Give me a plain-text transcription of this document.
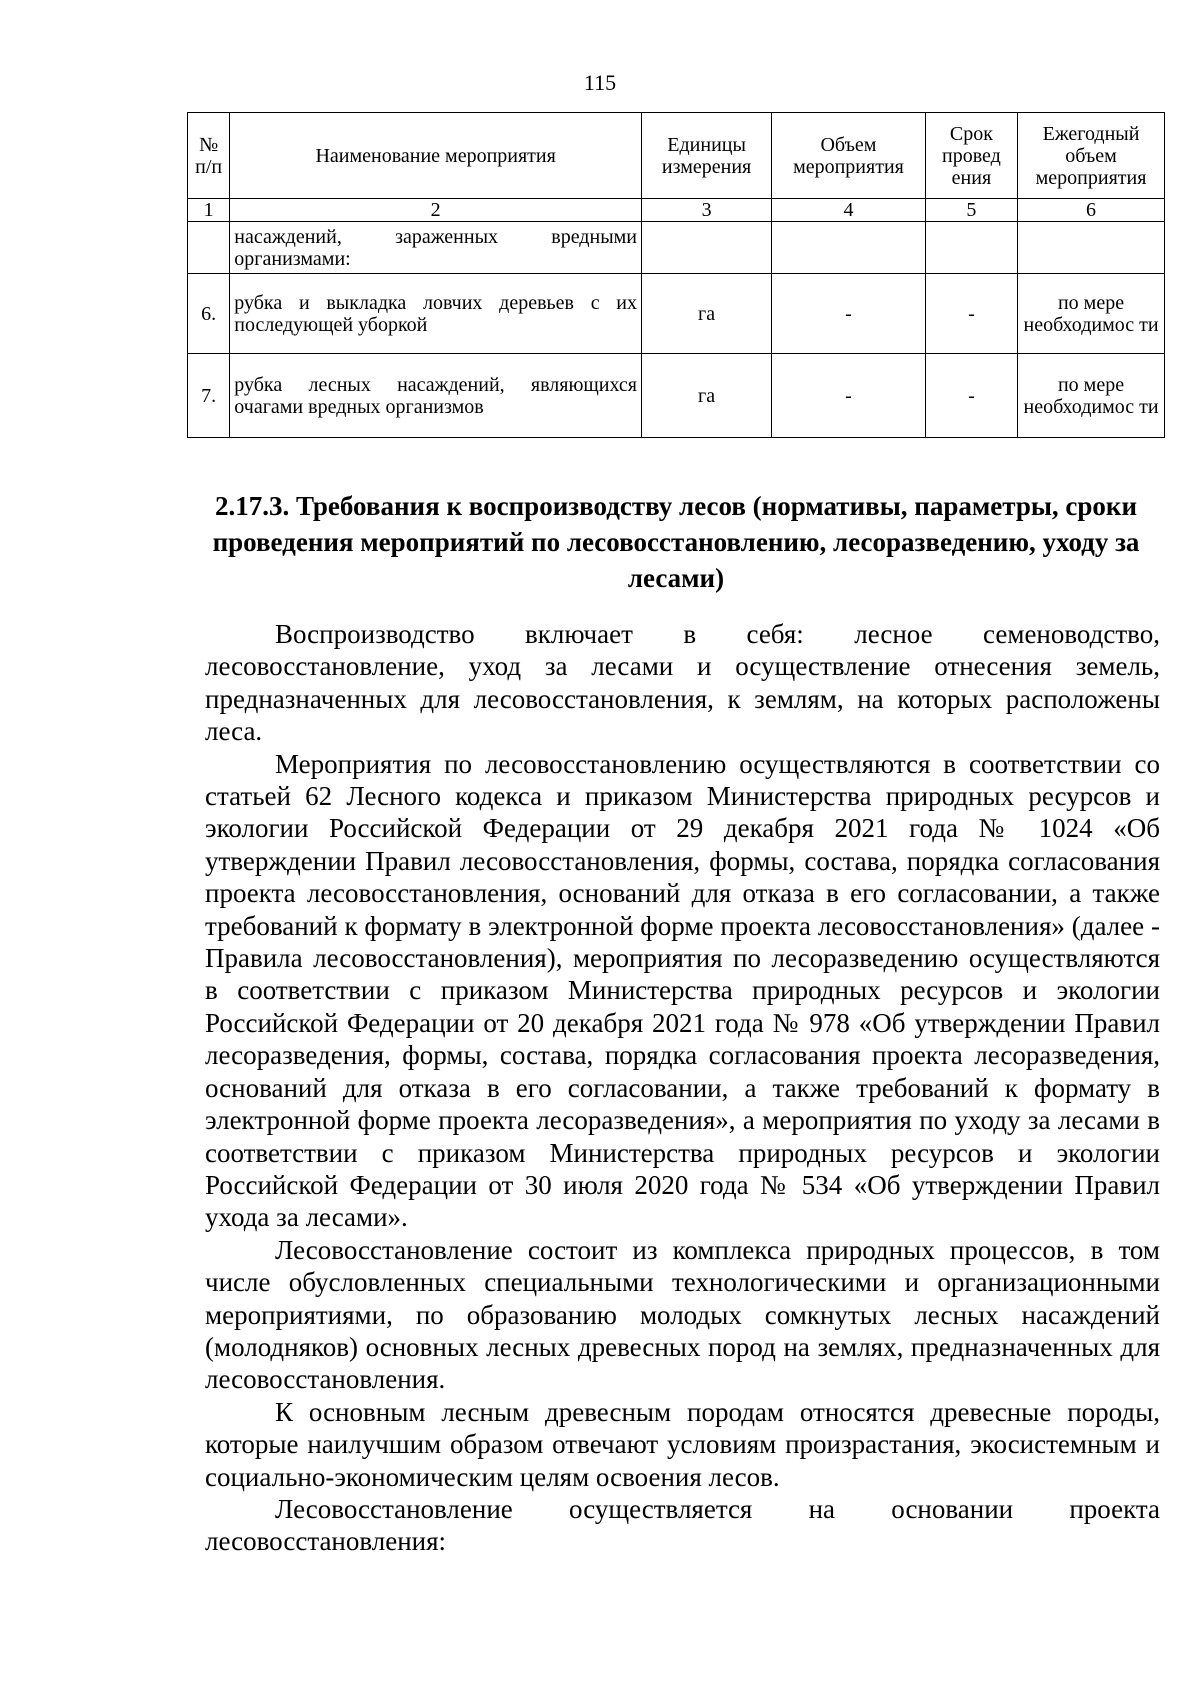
115
№ п/п	Наименование мероприятия	Единицы измерения	Объем мероприятия	Срок провед ения	Ежегодный объем мероприятия
1	2	3	4	5	6
	насаждений, зараженных вредными организмами:				
6.	рубка и выкладка ловчих деревьев с их последующей уборкой	га	-	-	по мере необходимос ти
7.	рубка лесных насаждений, являющихся очагами вредных организмов	га	-	-	по мере необходимос ти
2.17.3. Требования к воспроизводству лесов (нормативы, параметры, сроки проведения мероприятий по лесовосстановлению, лесоразведению, уходу за лесами)

Воспроизводство включает в себя: лесное семеноводство, лесовосстановление, уход за лесами и осуществление отнесения земель, предназначенных для лесовосстановления, к землям, на которых расположены леса.

Мероприятия по лесовосстановлению осуществляются в соответствии со статьей 62 Лесного кодекса и приказом Министерства природных ресурсов и экологии Российской Федерации от 29 декабря 2021 года № 1024 «Об утверждении Правил лесовосстановления, формы, состава, порядка согласования проекта лесовосстановления, оснований для отказа в его согласовании, а также требований к формату в электронной форме проекта лесовосстановления» (далее - Правила лесовосстановления), мероприятия по лесоразведению осуществляются в соответствии с приказом Министерства природных ресурсов и экологии Российской Федерации от 20 декабря 2021 года № 978 «Об утверждении Правил лесоразведения, формы, состава, порядка согласования проекта лесоразведения, оснований для отказа в его согласовании, а также требований к формату в электронной форме проекта лесоразведения», а мероприятия по уходу за лесами в соответствии с приказом Министерства природных ресурсов и экологии Российской Федерации от 30 июля 2020 года № 534 «Об утверждении Правил ухода за лесами».

Лесовосстановление состоит из комплекса природных процессов, в том числе обусловленных специальными технологическими и организационными мероприятиями, по образованию молодых сомкнутых лесных насаждений (молодняков) основных лесных древесных пород на землях, предназначенных для лесовосстановления.

К основным лесным древесным породам относятся древесные породы, которые наилучшим образом отвечают условиям произрастания, экосистемным и социально-экономическим целям освоения лесов.

Лесовосстановление осуществляется на основании проекта лесовосстановления:
